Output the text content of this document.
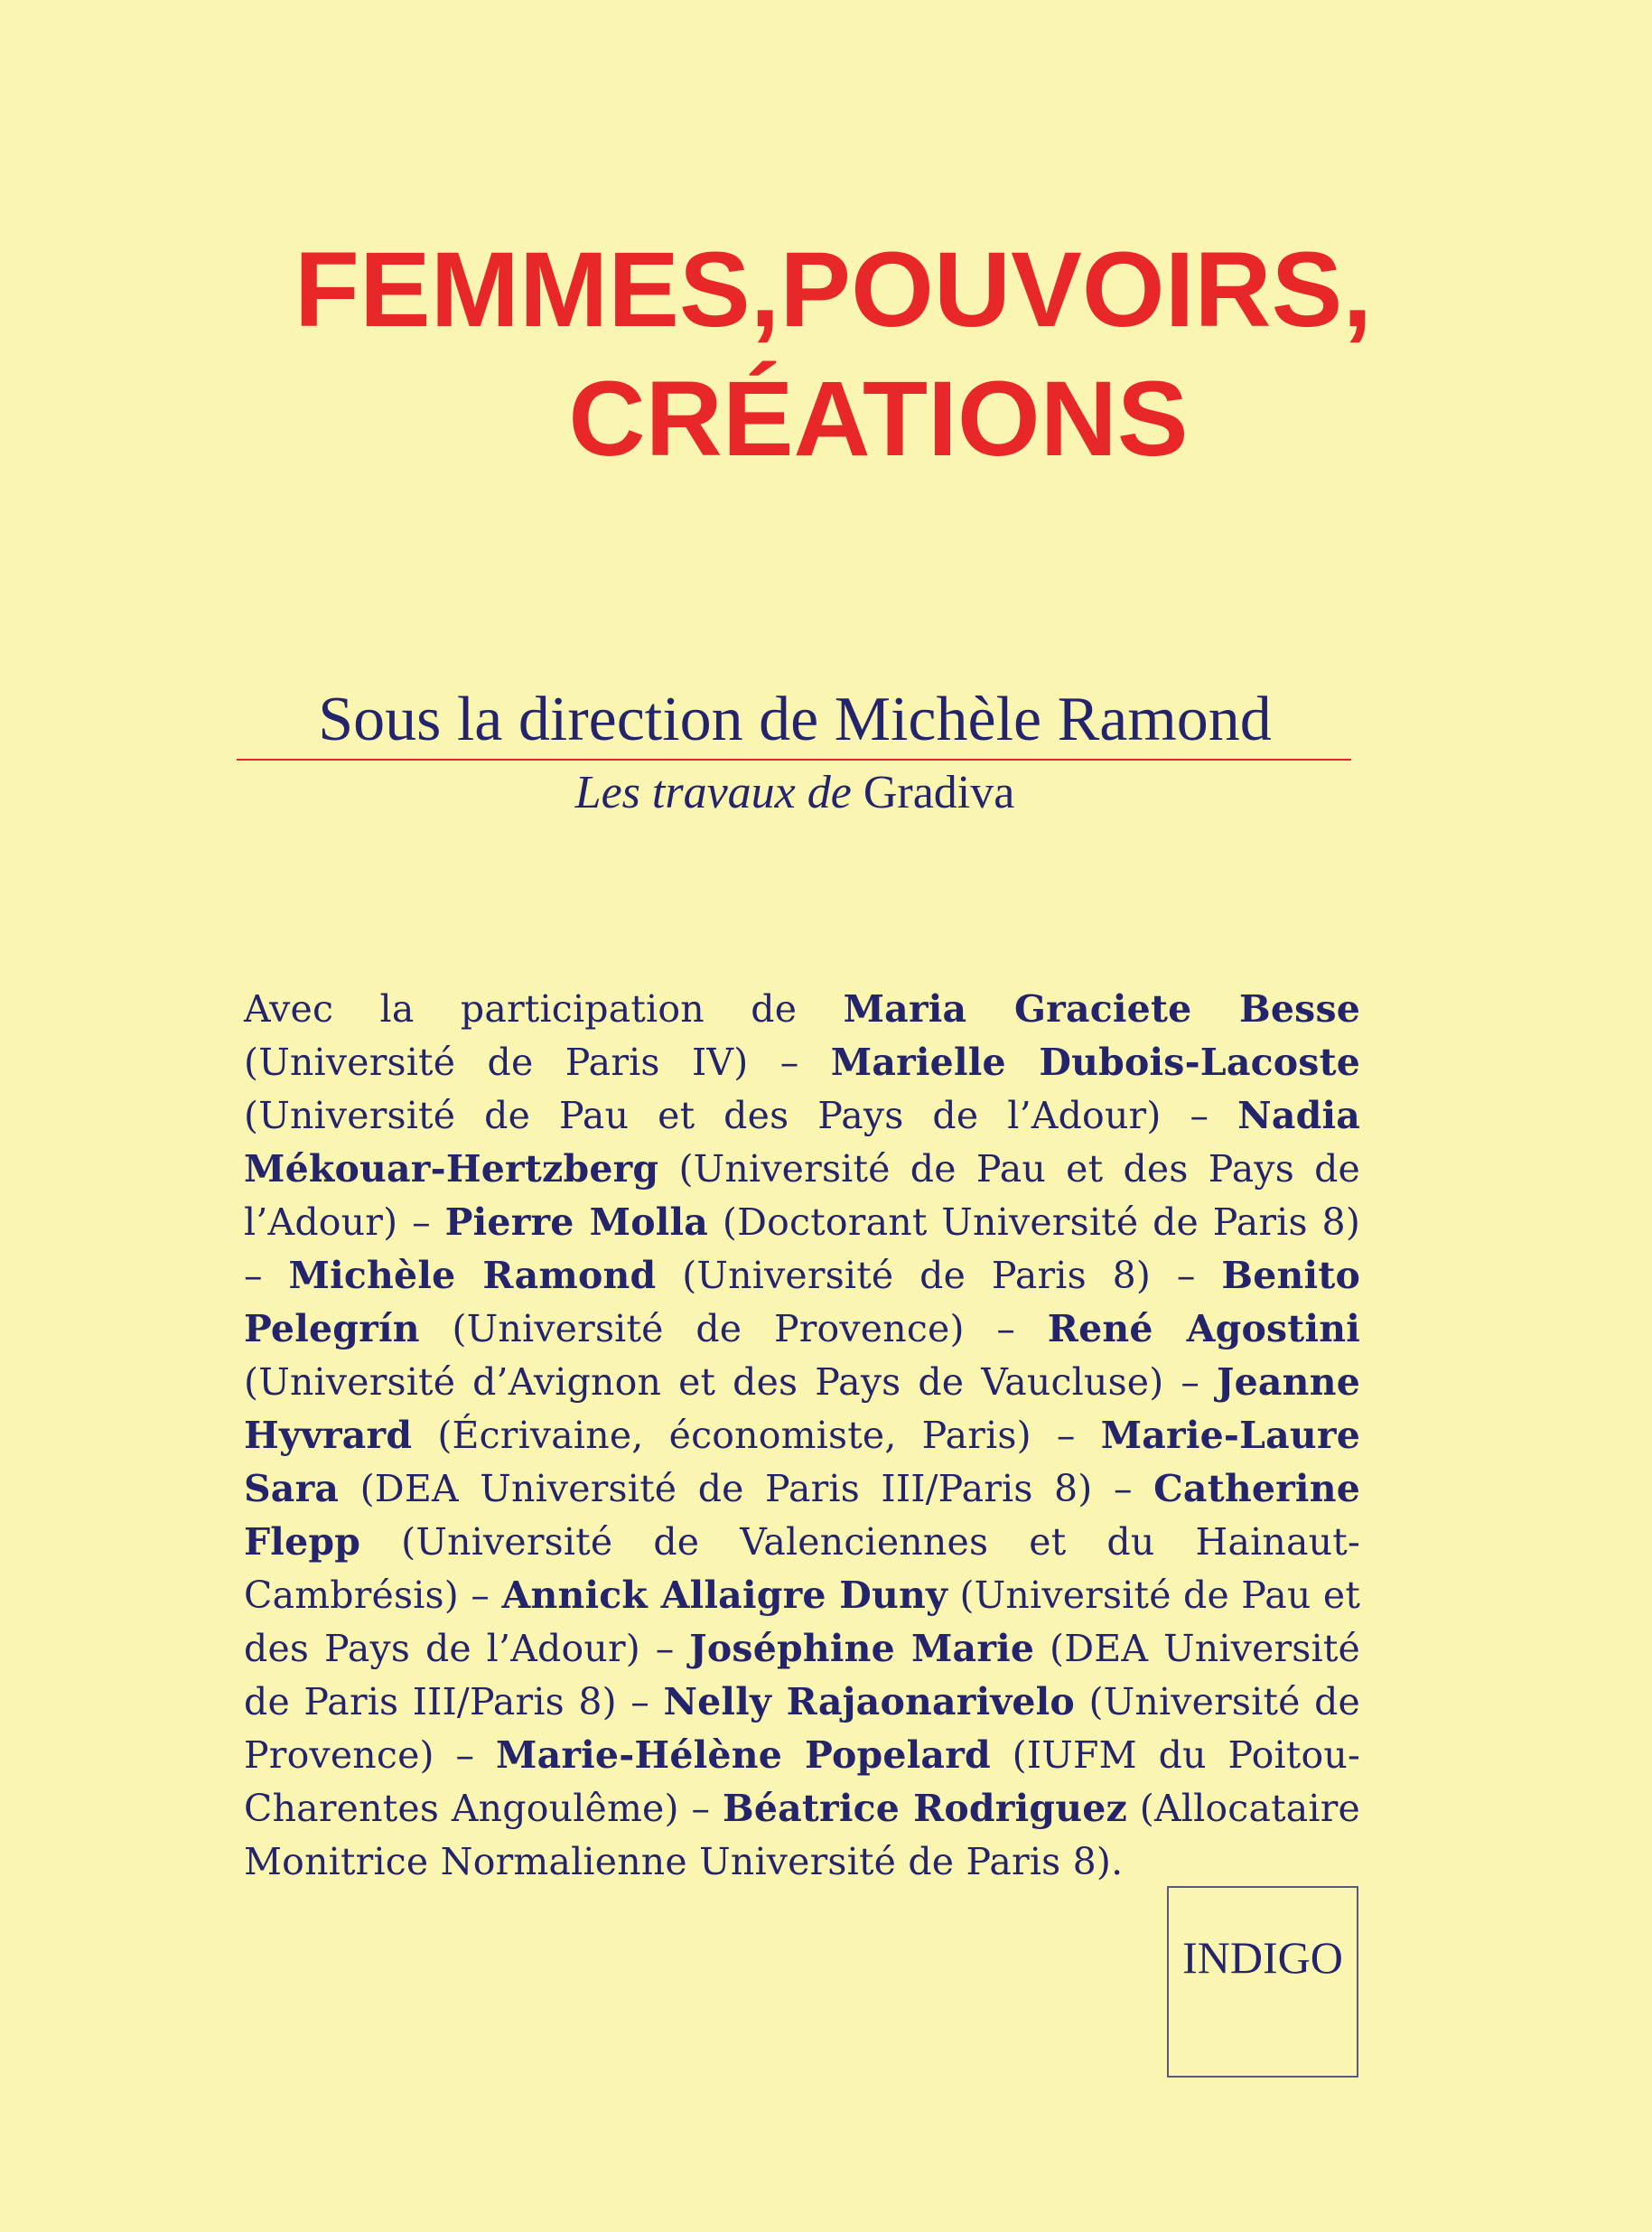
FEMMES,POUVOIRS,
CRÉATIONS
Sous la direction de Michèle Ramond
Les travaux de Gradiva
Avec la participation de Maria Graciete Besse (Université de Paris IV) – Marielle Dubois-Lacoste (Université de Pau et des Pays de l’Adour) – Nadia Mékouar-Hertzberg (Université de Pau et des Pays de l’Adour) – Pierre Molla (Doctorant Université de Paris 8) – Michèle Ramond (Université de Paris 8) – Benito Pelegrín (Université de Provence) – René Agostini (Université d’Avignon et des Pays de Vaucluse) – Jeanne Hyvrard (Écrivaine, économiste, Paris) – Marie-Laure Sara (DEA Université de Paris III/Paris 8) – Catherine Flepp (Université de Valenciennes et du Hainaut-Cambrésis) – Annick Allaigre Duny (Université de Pau et des Pays de l’Adour) – Joséphine Marie (DEA Université de Paris III/Paris 8) – Nelly Rajaonarivelo (Université de Provence) – Marie-Hélène Popelard (IUFM du Poitou-Charentes Angoulême) – Béatrice Rodriguez (Allocataire Monitrice Normalienne Université de Paris 8).
INDIGO
